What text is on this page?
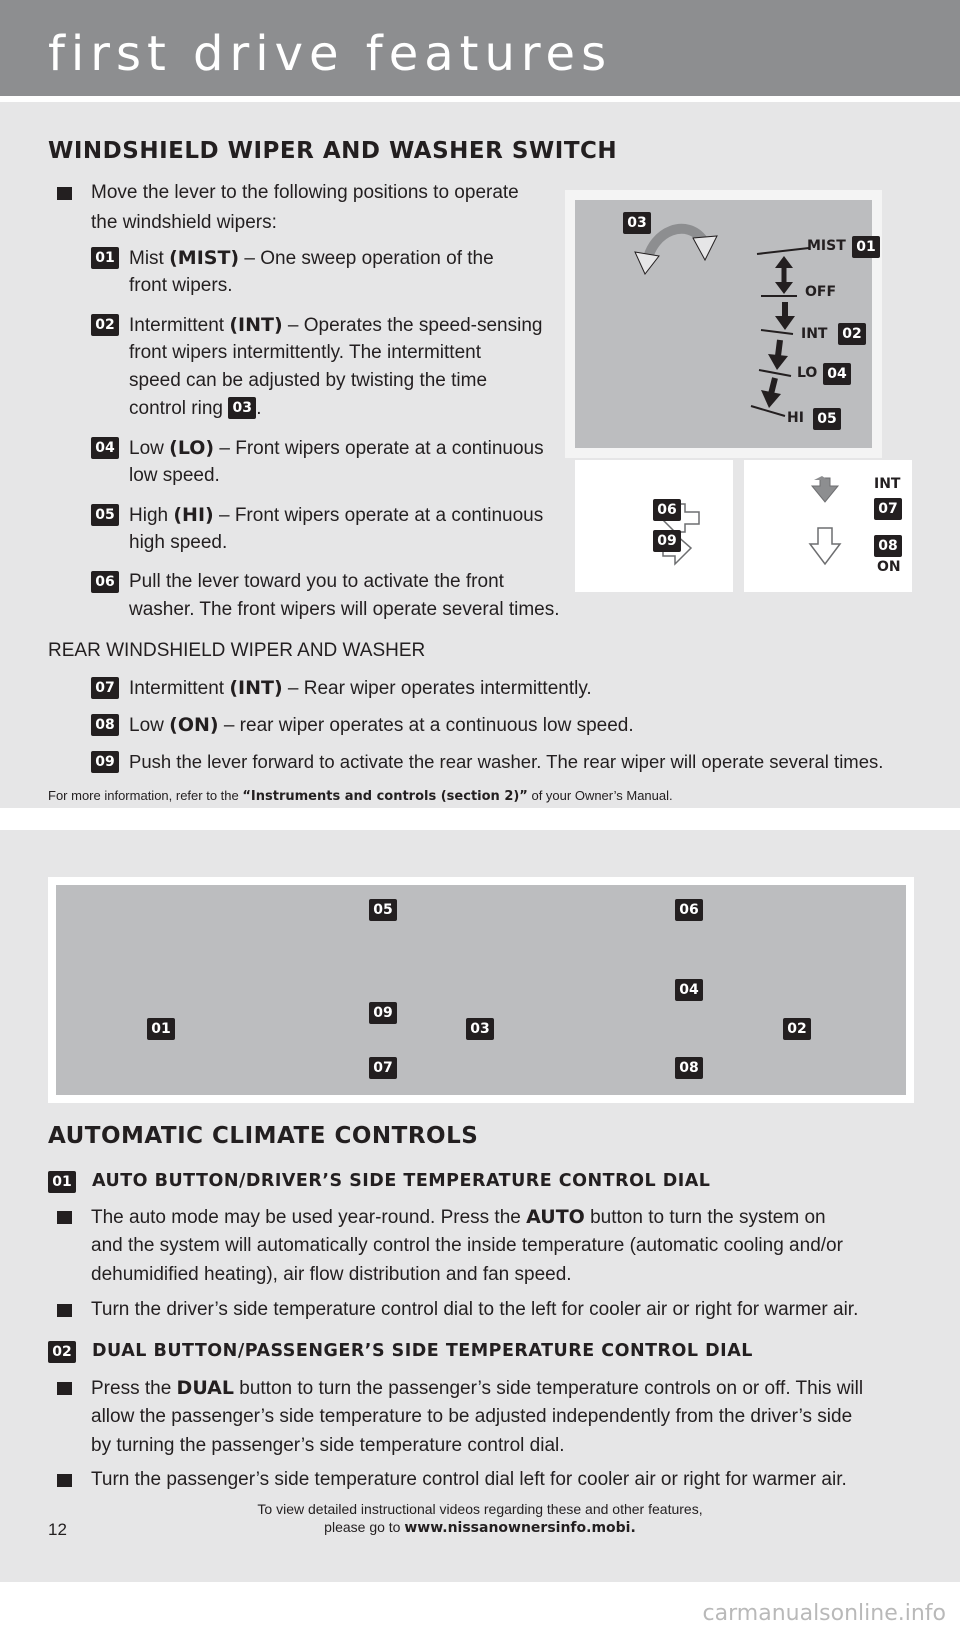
first drive features
WINDSHIELD WIPER AND WASHER SWITCH
Move the lever to the following positions to operate
the windshield wipers:
01 Mist (MIST) – One sweep operation of the
front wipers.
02 Intermittent (INT) – Operates the speed-sensing
front wipers intermittently. The intermittent
speed can be adjusted by twisting the time
control ring 03 .
04 Low (LO) – Front wipers operate at a continuous
low speed.
05 High (HI) – Front wipers operate at a continuous
high speed.
06 Pull the lever toward you to activate the front
washer. The front wipers will operate several times.
REAR WINDSHIELD WIPER AND WASHER
07 Intermittent (INT) – Rear wiper operates intermittently.
08 Low (ON) – rear wiper operates at a continuous low speed.
09 Push the lever forward to activate the rear washer. The rear wiper will operate several times.
For more information, refer to the “Instruments and controls (section 2)” of your Owner’s Manual.
03
MIST 01
OFF
INT	02
LO 04
HI 05
06
09
INT
07
08
ON
05	06
04
01
09
03	02
07	08
AUTOMATIC CLIMATE CONTROLS
01 AUTO BUTTON/DRIVER’S SIDE TEMPERATURE CONTROL DIAL
The auto mode may be used year-round. Press the AUTO button to turn the system on
and the system will automatically control the inside temperature (automatic cooling and/or
dehumidified heating), air flow distribution and fan speed.
Turn the driver’s side temperature control dial to the left for cooler air or right for warmer air.
02 DUAL BUTTON/PASSENGER’S SIDE TEMPERATURE CONTROL DIAL
Press the DUAL button to turn the passenger’s side temperature controls on or off. This will
allow the passenger’s side temperature to be adjusted independently from the driver’s side
by turning the passenger’s side temperature control dial.
Turn the passenger’s side temperature control dial left for cooler air or right for warmer air.
To view detailed instructional videos regarding these and other features,
please go to www.nissanownersinfo.mobi.
12
carmanualsonline.info
